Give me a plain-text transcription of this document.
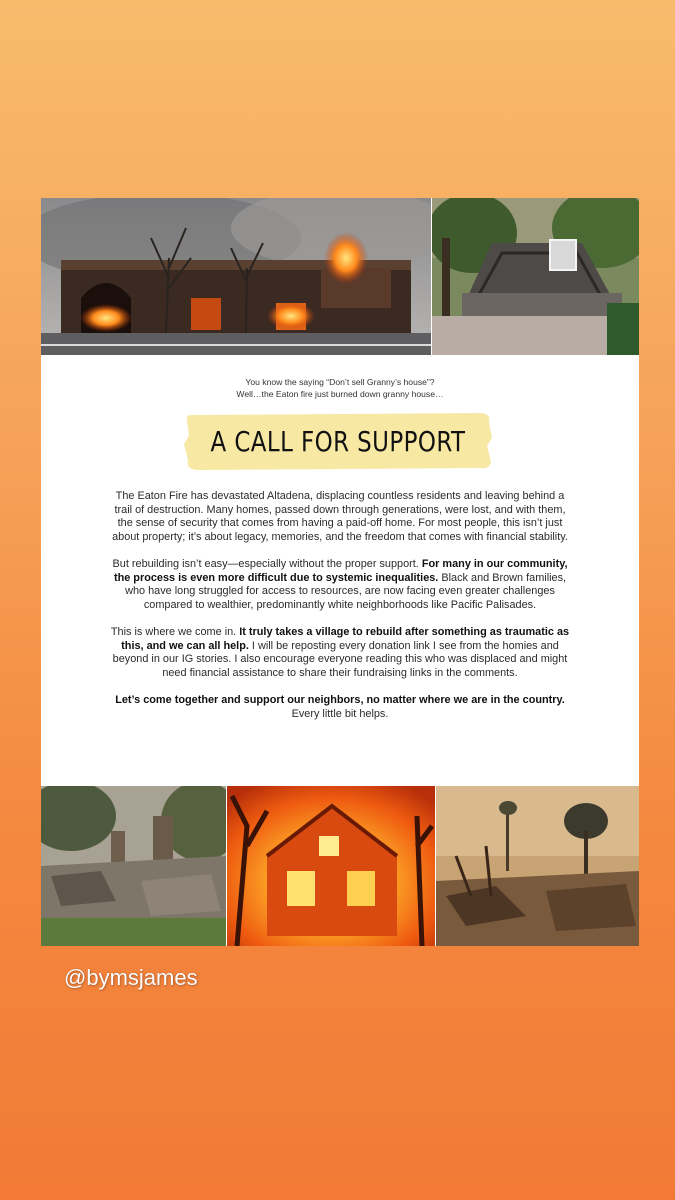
You know the saying “Don’t sell Granny’s house”?
Well…the Eaton fire just burned down granny house…

A CALL FOR SUPPORT

The Eaton Fire has devastated Altadena, displacing countless residents and leaving behind a trail of destruction. Many homes, passed down through generations, were lost, and with them, the sense of security that comes from having a paid-off home. For most people, this isn’t just about property; it’s about legacy, memories, and the freedom that comes with financial stability.

But rebuilding isn’t easy—especially without the proper support. For many in our community, the process is even more difficult due to systemic inequalities. Black and Brown families, who have long struggled for access to resources, are now facing even greater challenges compared to wealthier, predominantly white neighborhoods like Pacific Palisades.

This is where we come in. It truly takes a village to rebuild after something as traumatic as this, and we can all help. I will be reposting every donation link I see from the homies and beyond in our IG stories. I also encourage everyone reading this who was displaced and might need financial assistance to share their fundraising links in the comments.

Let’s come together and support our neighbors, no matter where we are in the country. Every little bit helps.

@bymsjames
